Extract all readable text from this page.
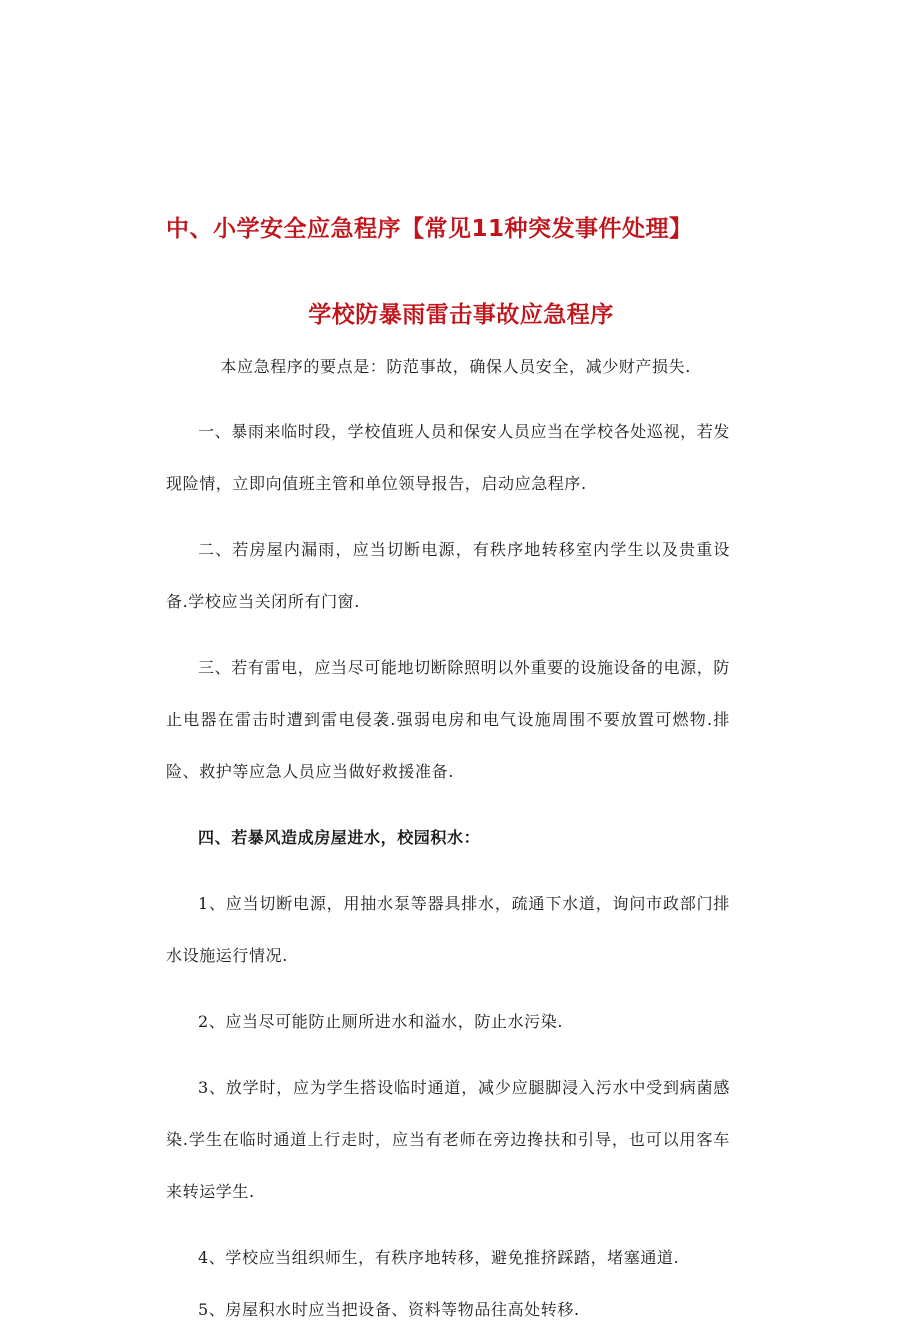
中、小学安全应急程序【常见11种突发事件处理】
学校防暴雨雷击事故应急程序

本应急程序的要点是：防范事故，确保人员安全，减少财产损失.

一、暴雨来临时段，学校值班人员和保安人员应当在学校各处巡视，若发现险情，立即向值班主管和单位领导报告，启动应急程序.

二、若房屋内漏雨，应当切断电源，有秩序地转移室内学生以及贵重设备.学校应当关闭所有门窗.

三、若有雷电，应当尽可能地切断除照明以外重要的设施设备的电源，防止电器在雷击时遭到雷电侵袭.强弱电房和电气设施周围不要放置可燃物.排险、救护等应急人员应当做好救援准备.

四、若暴风造成房屋进水，校园积水：

1、应当切断电源，用抽水泵等器具排水，疏通下水道，询问市政部门排水设施运行情况.

2、应当尽可能防止厕所进水和溢水，防止水污染.

3、放学时，应为学生搭设临时通道，减少应腿脚浸入污水中受到病菌感染.学生在临时通道上行走时，应当有老师在旁边搀扶和引导，也可以用客车来转运学生.

4、学校应当组织师生，有秩序地转移，避免推挤踩踏，堵塞通道.

5、房屋积水时应当把设备、资料等物品往高处转移.
